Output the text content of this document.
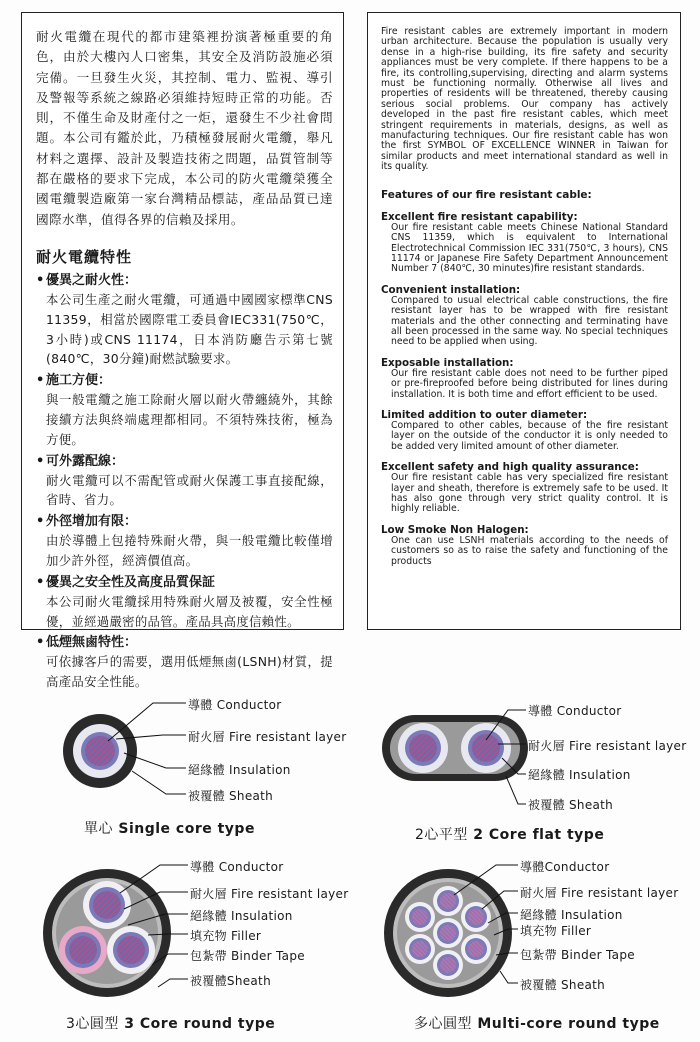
耐火電纜在現代的都市建築裡扮演著極重要的角色，由於大樓內人口密集，其安全及消防設施必須完備。一旦發生火災，其控制、電力、監視、導引及警報等系統之線路必須維持短時正常的功能。否則，不僅生命及財產付之一炬，還發生不少社會問題。本公司有鑑於此，乃積極發展耐火電纜，舉凡材料之選擇、設計及製造技術之問題，品質管制等都在嚴格的要求下完成，本公司的防火電纜榮獲全國電纜製造廠第一家台灣精品標誌，產品品質已達國際水準，值得各界的信賴及採用。

耐火電纜特性
• 優異之耐火性：
本公司生產之耐火電纜，可通過中國國家標準CNS 11359，相當於國際電工委員會IEC331(750℃，3小時)或CNS 11174，日本消防廳告示第七號(840℃，30分鐘)耐燃試驗要求。
• 施工方便：
與一般電纜之施工除耐火層以耐火帶纏繞外，其餘接續方法與終端處理都相同。不須特殊技術，極為方便。
• 可外露配線：
耐火電纜可以不需配管或耐火保護工事直接配線，省時、省力。
• 外徑增加有限：
由於導體上包捲特殊耐火帶，與一般電纜比較僅增加少許外徑，經濟價值高。
• 優異之安全性及高度品質保証
本公司耐火電纜採用特殊耐火層及被覆，安全性極優，並經過嚴密的品管。產品具高度信賴性。
• 低煙無鹵特性：
可依據客戶的需要，選用低煙無鹵(LSNH)材質，提高產品安全性能。

Fire resistant cables are extremely important in modern urban architecture. Because the population is usually very dense in a high-rise building, its fire safety and security appliances must be very complete. If there happens to be a fire, its controlling,supervising, directing and alarm systems must be functioning normally. Otherwise all lives and properties of residents will be threatened, thereby causing serious social problems. Our company has actively developed in the past fire resistant cables, which meet stringent requirements in materials, designs, as well as manufacturing techniques. Our fire resistant cable has won the first SYMBOL OF EXCELLENCE WINNER in Taiwan for similar products and meet international standard as well in its quality.

Features of our fire resistant cable:
Excellent fire resistant capability:
Our fire resistant cable meets Chinese National Standard CNS 11359, which is equivalent to International Electrotechnical Commission IEC 331(750℃, 3 hours), CNS 11174 or Japanese Fire Safety Department Announcement Number 7 (840℃, 30 minutes)fire resistant standards.
Convenient installation:
Compared to usual electrical cable constructions, the fire resistant layer has to be wrapped with fire resistant materials and the other connecting and terminating have all been processed in the same way. No special techniques need to be applied when using.
Exposable installation:
Our fire resistant cable does not need to be further piped or pre-fireproofed before being distributed for lines during installation. It is both time and effort efficient to be used.
Limited addition to outer diameter:
Compared to other cables, because of the fire resistant layer on the outside of the conductor it is only needed to be added very limited amount of other diameter.
Excellent safety and high quality assurance:
Our fire resistant cable has very specialized fire resistant layer and sheath, therefore is extremely safe to be used. It has also gone through very strict quality control. It is highly reliable.
Low Smoke Non Halogen:
One can use LSNH materials according to the needs of customers so as to raise the safety and functioning of the products
導體 Conductor
耐火層 Fire resistant layer
絕緣體 Insulation
被覆體 Sheath
單心 Single core type
導體 Conductor
耐火層 Fire resistant layer
絕緣體 Insulation
被覆體 Sheath
2心平型 2 Core flat type
導體 Conductor
耐火層 Fire resistant layer
絕緣體 Insulation
填充物 Filler
包紮帶 Binder Tape
被覆體Sheath
3心圓型 3 Core round type
導體Conductor
耐火層 Fire resistant layer
絕緣體 Insulation
填充物 Filler
包紮帶 Binder Tape
被覆體 Sheath
多心圓型 Multi-core round type
